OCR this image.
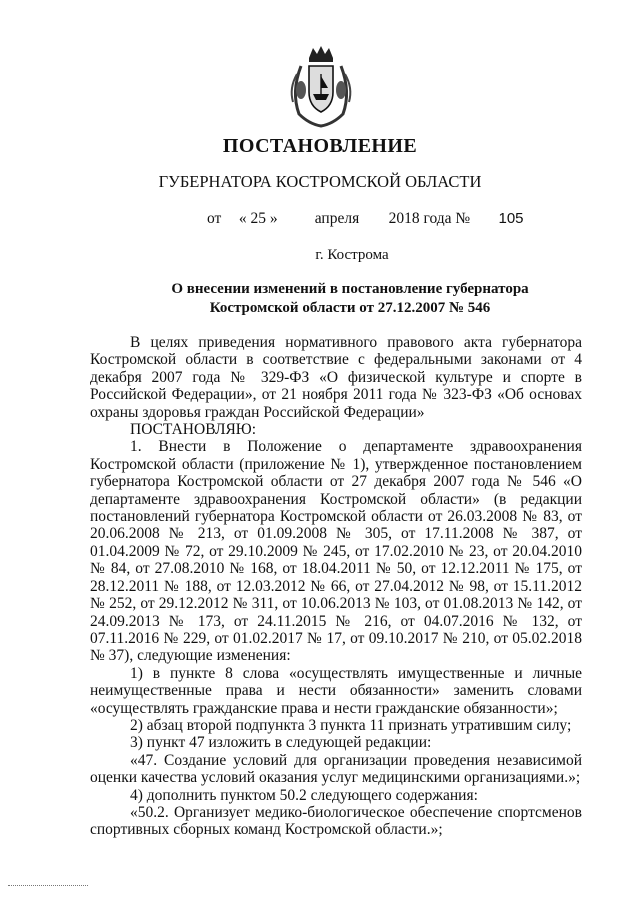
ПОСТАНОВЛЕНИЕ
ГУБЕРНАТОРА КОСТРОМСКОЙ ОБЛАСТИ
от « 25 » апреля 2018 года № 105
г. Кострома
О внесении изменений в постановление губернатора
Костромской области от 27.12.2007 № 546

В целях приведения нормативного правового акта губернатора Костромской области в соответствие с федеральными законами от 4 декабря 2007 года № 329-ФЗ «О физической культуре и спорте в Российской Федерации», от 21 ноября 2011 года № 323-ФЗ «Об основах охраны здоровья граждан Российской Федерации»

ПОСТАНОВЛЯЮ:

1. Внести в Положение о департаменте здравоохранения Костромской области (приложение № 1), утвержденное постановлением губернатора Костромской области от 27 декабря 2007 года № 546 «О департаменте здравоохранения Костромской области» (в редакции постановлений губернатора Костромской области от 26.03.2008 № 83, от 20.06.2008 № 213, от 01.09.2008 № 305, от 17.11.2008 № 387, от 01.04.2009 № 72, от 29.10.2009 № 245, от 17.02.2010 № 23, от 20.04.2010 № 84, от 27.08.2010 № 168, от 18.04.2011 № 50, от 12.12.2011 № 175, от 28.12.2011 № 188, от 12.03.2012 № 66, от 27.04.2012 № 98, от 15.11.2012 № 252, от 29.12.2012 № 311, от 10.06.2013 № 103, от 01.08.2013 № 142, от 24.09.2013 № 173, от 24.11.2015 № 216, от 04.07.2016 № 132, от 07.11.2016 № 229, от 01.02.2017 № 17, от 09.10.2017 № 210, от 05.02.2018 № 37), следующие изменения:

1) в пункте 8 слова «осуществлять имущественные и личные неимущественные права и нести обязанности» заменить словами «осуществлять гражданские права и нести гражданские обязанности»;

2) абзац второй подпункта 3 пункта 11 признать утратившим силу;

3) пункт 47 изложить в следующей редакции:

«47. Создание условий для организации проведения независимой оценки качества условий оказания услуг медицинскими организациями.»;

4) дополнить пунктом 50.2 следующего содержания:

«50.2. Организует медико-биологическое обеспечение спортсменов спортивных сборных команд Костромской области.»;
